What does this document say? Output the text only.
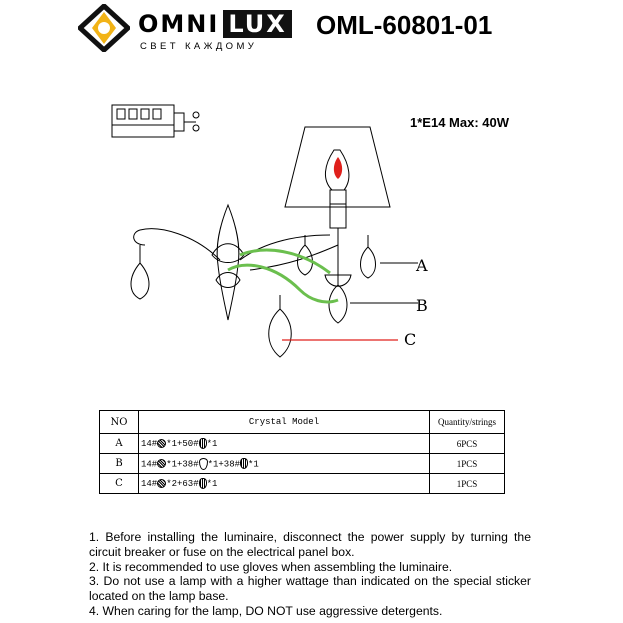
OMNI LUX
СВЕТ КАЖДОМУ
OML-60801-01
1*E14 Max: 40W
A
B
C
NO	Crystal Model	Quantity/strings
A	14# *1+50# *1	6PCS
B	14# *1+38# *1+38# *1	1PCS
C	14# *2+63# *1	1PCS

1. Before installing the luminaire, disconnect the power supply by turning the circuit breaker or fuse on the electrical panel box.

2. It is recommended to use gloves when assembling the luminaire.

3. Do not use a lamp with a higher wattage than indicated on the special sticker located on the lamp base.

4. When caring for the lamp, DO NOT use aggressive detergents.
